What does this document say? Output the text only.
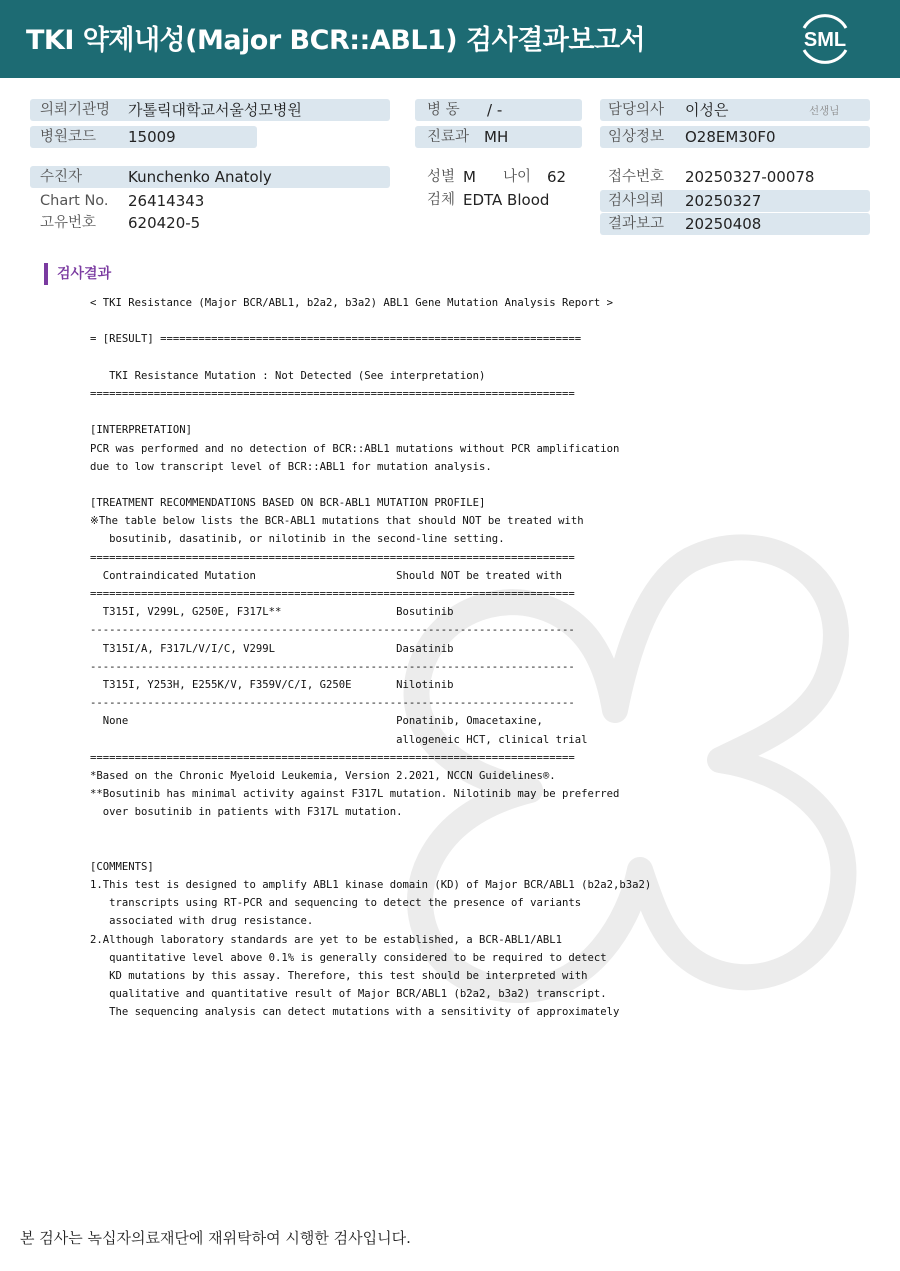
TKI 약제내성(Major BCR::ABL1) 검사결과보고서	SML
의뢰기관명 가톨릭대학교서울성모병원
병원코드 15009
수진자	Kunchenko Anatoly
Chart No. 26414343
고유번호 620420-5
병 동 / -
진료과 MH
성별 M 나이 62
검체 EDTA Blood
담당의사 이성은	선생님
임상정보 O28EM30F0
접수번호 20250327-00078
검사의뢰 20250327
결과보고 20250408
검사결과
< TKI Resistance (Major BCR/ABL1, b2a2, b3a2) ABL1 Gene Mutation Analysis Report >
= [RESULT] ==================================================================
TKI Resistance Mutation : Not Detected (See interpretation)
============================================================================
[INTERPRETATION]
PCR was performed and no detection of BCR::ABL1 mutations without PCR amplification
due to low transcript level of BCR::ABL1 for mutation analysis.
[TREATMENT RECOMMENDATIONS BASED ON BCR-ABL1 MUTATION PROFILE]
※The table below lists the BCR-ABL1 mutations that should NOT be treated with
bosutinib, dasatinib, or nilotinib in the second-line setting.
============================================================================
Contraindicated Mutation                      Should NOT be treated with
============================================================================
T315I, V299L, G250E, F317L**                  Bosutinib
----------------------------------------------------------------------------
T315I/A, F317L/V/I/C, V299L                   Dasatinib
----------------------------------------------------------------------------
T315I, Y253H, E255K/V, F359V/C/I, G250E       Nilotinib
----------------------------------------------------------------------------
None                                          Ponatinib, Omacetaxine,
allogeneic HCT, clinical trial
============================================================================
*Based on the Chronic Myeloid Leukemia, Version 2.2021, NCCN Guidelines®.
**Bosutinib has minimal activity against F317L mutation. Nilotinib may be preferred
over bosutinib in patients with F317L mutation.
[COMMENTS]
1.This test is designed to amplify ABL1 kinase domain (KD) of Major BCR/ABL1 (b2a2,b3a2)
transcripts using RT-PCR and sequencing to detect the presence of variants
associated with drug resistance.
2.Although laboratory standards are yet to be established, a BCR-ABL1/ABL1
quantitative level above 0.1% is generally considered to be required to detect
KD mutations by this assay. Therefore, this test should be interpreted with
qualitative and quantitative result of Major BCR/ABL1 (b2a2, b3a2) transcript.
The sequencing analysis can detect mutations with a sensitivity of approximately
본 검사는 녹십자의료재단에 재위탁하여 시행한 검사입니다.
